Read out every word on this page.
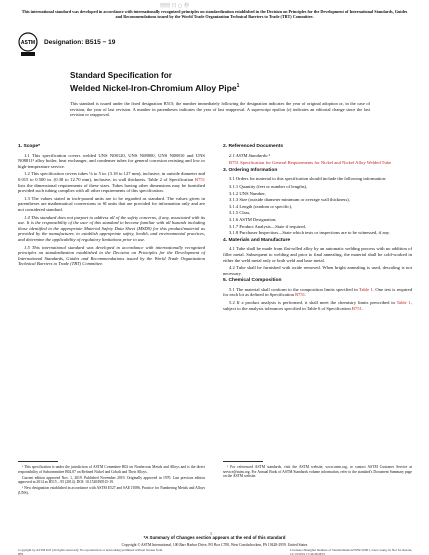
冊冊 日 ○ 秒
This international standard was developed in accordance with internationally recognized principles on standardization established in the Decision on Principles for the Development of International Standards, Guides and Recommendations issued by the World Trade Organization Technical Barriers to Trade (TBT) Committee.
ASTM Designation: B515 − 19
Standard Specification for
Welded Nickel-Iron-Chromium Alloy Pipe$^1$
This standard is issued under the fixed designation B515; the number immediately following the designation indicates the year of original adoption or, in the case of revision, the year of last revision. A number in parentheses indicates the year of last reapproval. A superscript epsilon (ε) indicates an editorial change since the last revision or reapproval.
1. Scope*

1.1 This specification covers welded UNS N08120, UNS N08800, UNS N08810 and UNS N08811² alloy boiler, heat exchanger, and condenser tubes for general corrosion resisting and low or high-temperature service.

1.2 This specification covers tubes ⅛ to 5 in. (3.18 to 127 mm), inclusive, in outside diameter and 0.015 to 0.500 in. (0.38 to 12.70 mm), inclusive, in wall thickness. Table 2 of Specification B751 lists the dimensional requirements of these sizes. Tubes having other dimensions may be furnished provided such tubing complies with all other requirements of this specification.

1.3 The values stated in inch-pound units are to be regarded as standard. The values given in parentheses are mathematical conversions to SI units that are provided for information only and are not considered standard.

1.4 This standard does not purport to address all of the safety concerns, if any, associated with its use. It is the responsibility of the user of this standard to become familiar with all hazards including those identified in the appropriate Material Safety Data Sheet (MSDS) for this product/material as provided by the manufacturer, to establish appropriate safety, health, and environmental practices, and determine the applicability of regulatory limitations prior to use.

1.5 This international standard was developed in accordance with internationally recognized principles on standardization established in the Decision on Principles for the Development of International Standards, Guides and Recommendations issued by the World Trade Organization Technical Barriers to Trade (TBT) Committee.

¹ This specification is under the jurisdiction of ASTM Committee B02 on Nonferrous Metals and Alloys and is the direct responsibility of Subcommittee B02.07 on Refined Nickel and Cobalt and Their Alloys.

Current edition approved Nov. 1, 2019. Published November 2019. Originally approved in 1970. Last previous edition approved in 2014 as B515 – 95 (2014). DOI: 10.1520/B0515-19.

² New designation established in accordance with ASTM E527 and SAE J1086, Practice for Numbering Metals and Alloys (UNS).

2. Referenced Documents

2.1 ASTM Standards:³

B751 Specification for General Requirements for Nickel and Nickel Alloy Welded Tube

3. Ordering Information

3.1 Orders for material to this specification should include the following information:

3.1.1 Quantity (feet or number of lengths),

3.1.2 UNS Number,

3.1.3 Size (outside diameter minimum or average wall thickness),

3.1.4 Length (random or specific),

3.1.5 Class,

3.1.6 ASTM Designation,

3.1.7 Product Analysis—State if required,

3.1.8 Purchaser Inspection—State which tests or inspections are to be witnessed, if any.

4. Materials and Manufacture

4.1 Tube shall be made from flat-rolled alloy by an automatic welding process with no addition of filler metal. Subsequent to welding and prior to final annealing, the material shall be cold-worked in either the weld metal only or both weld and base metal.

4.2 Tube shall be furnished with oxide removed. When bright annealing is used, descaling is not necessary.

5. Chemical Composition

5.1 The material shall conform to the composition limits specified in Table 1. One test is required for each lot as defined in Specification B751.

5.2 If a product analysis is performed, it shall meet the chemistry limits prescribed in Table 1, subject to the analysis tolerances specified in Table 6 of Specification B751.

³ For referenced ASTM standards, visit the ASTM website, www.astm.org, or contact ASTM Customer Service at service@astm.org. For Annual Book of ASTM Standards volume information, refer to the standard's Document Summary page on the ASTM website.

1
*A Summary of Changes section appears at the end of this standard
Copyright © ASTM International, 100 Barr Harbor Drive, PO Box C700, West Conshohocken, PA 19428-2959. United States
Copyright by ASTM Int'l (all rights reserved); No reproduction or networking permitted without license from IHS
Licensee=Shanghai Institute of Standardization/5959110001, User=wang, fu Not for Resale, 12/13/2019 17:44:48 MST
